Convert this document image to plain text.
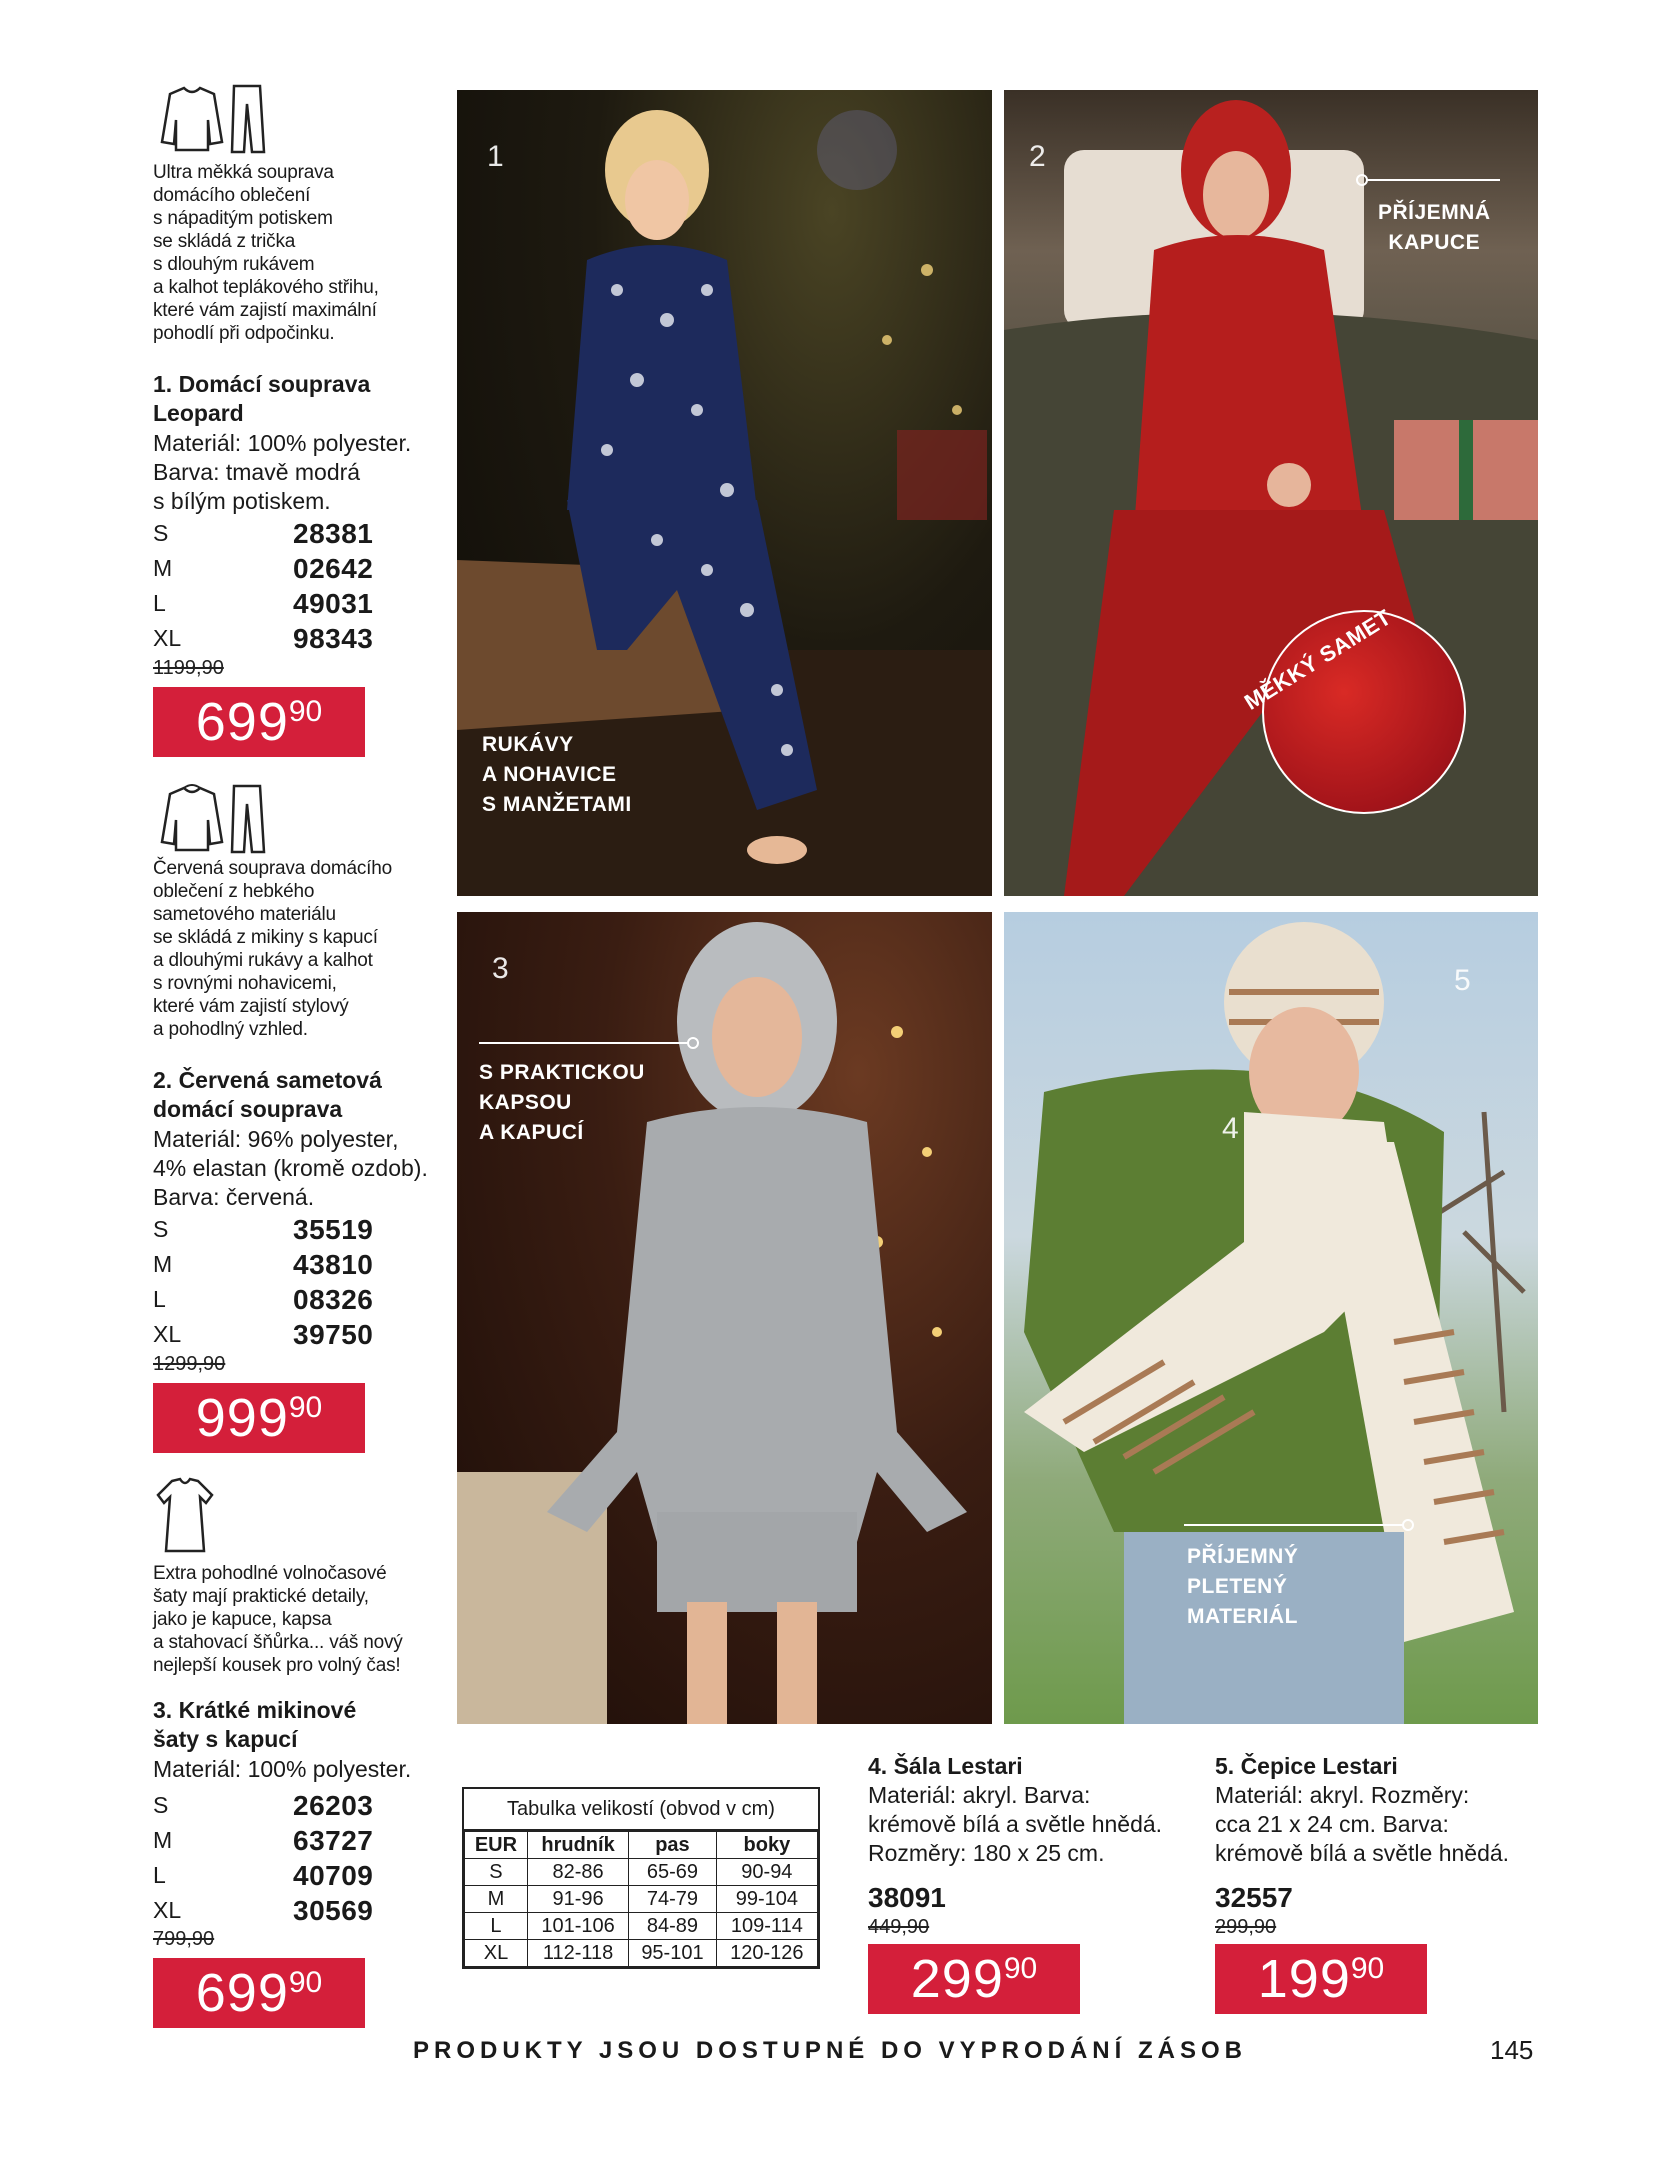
Ultra měkká souprava
domácího oblečení
s nápaditým potiskem
se skládá z trička
s dlouhým rukávem
a kalhot teplákového střihu,
které vám zajistí maximální
pohodlí při odpočinku.
1. Domácí souprava
Leopard
Materiál: 100% polyester.
Barva: tmavě modrá
s bílým potiskem.
S	28381
M	02642
L	49031
XL	98343
1199,90
699 90
Červená souprava domácího
oblečení z hebkého
sametového materiálu
se skládá z mikiny s kapucí
a dlouhými rukávy a kalhot
s rovnými nohavicemi,
které vám zajistí stylový
a pohodlný vzhled.
2. Červená sametová
domácí souprava
Materiál: 96% polyester,
4% elastan (kromě ozdob).
Barva: červená.
S	35519
M	43810
L	08326
XL	39750
1299,90
999 90
Extra pohodlné volnočasové
šaty mají praktické detaily,
jako je kapuce, kapsa
a stahovací šňůrka... váš nový
nejlepší kousek pro volný čas!
3. Krátké mikinové
šaty s kapucí
Materiál: 100% polyester.
S	26203
M	63727
L	40709
XL	30569
799,90
699 90
1
RUKÁVY
A NOHAVICE
S MANŽETAMI
2
PŘÍJEMNÁ
KAPUCE
MĚKKÝ SAMET
3
S PRAKTICKOU
KAPSOU
A KAPUCÍ	4
5
PŘÍJEMNÝ
PLETENÝ
MATERIÁL
Tabulka velikostí (obvod v cm)
EUR	hrudník	pas	boky
S	82-86	65-69	90-94
M	91-96	74-79	99-104
L	101-106	84-89	109-114
XL	112-118	95-101	120-126
4. Šála Lestari
Materiál: akryl. Barva:
krémově bílá a světle hnědá.
Rozměry: 180 x 25 cm.
38091
449,90
299 90
5. Čepice Lestari
Materiál: akryl. Rozměry:
cca 21 x 24 cm. Barva:
krémově bílá a světle hnědá.
32557
299,90
199 90
PRODUKTY JSOU DOSTUPNÉ DO VYPRODÁNÍ ZÁSOB	145
